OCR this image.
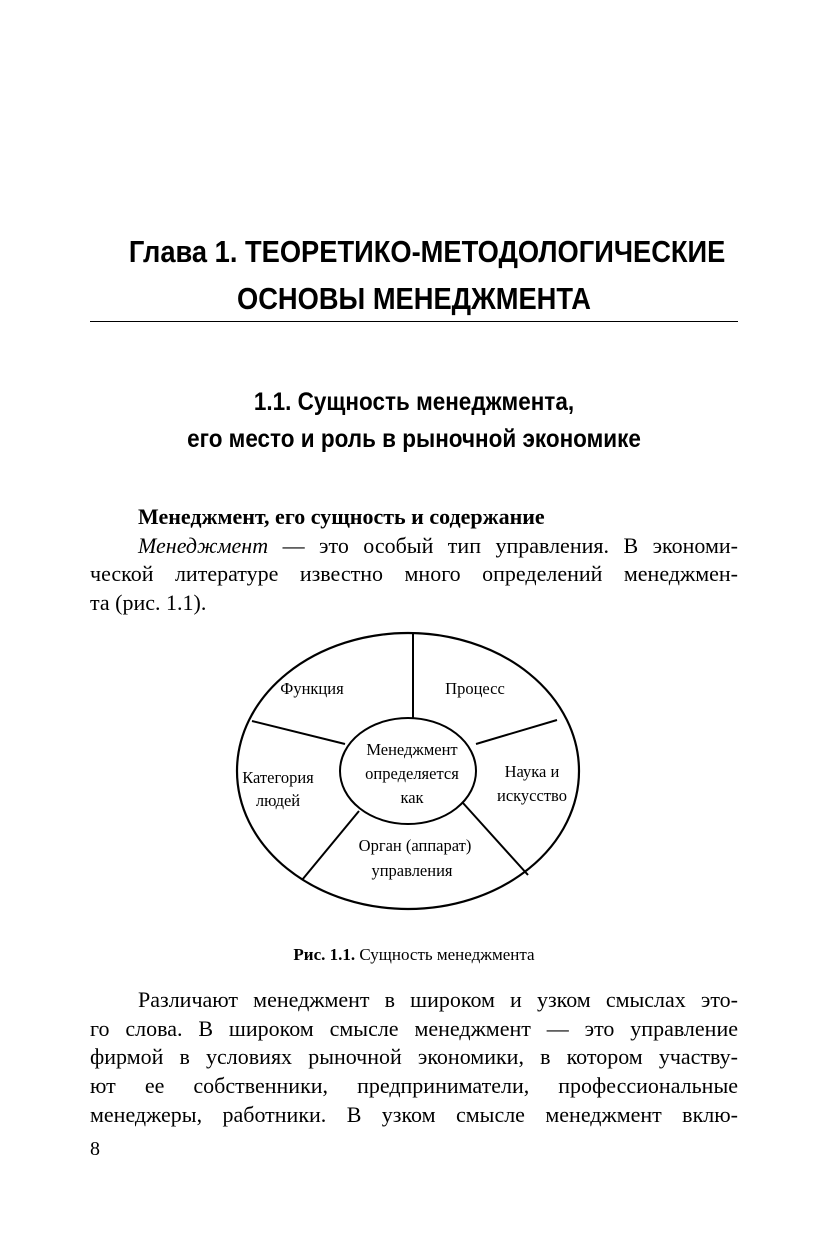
Глава 1. ТЕОРЕТИКО-МЕТОДОЛОГИЧЕСКИЕ
ОСНОВЫ МЕНЕДЖМЕНТА
1.1. Сущность менеджмента,
его место и роль в рыночной экономике
Менеджмент, его сущность и содержание
Менеджмент — это особый тип управления. В экономи-
ческой литературе известно много определений менеджмен-
та (рис. 1.1).
Функция	Процесс
Категория
людей
Наука и
искусство
Орган (аппарат)
управления
Менеджмент
определяется
как

Рис. 1.1. Сущность менеджмента

Различают менеджмент в широком и узком смыслах это-
го слова. В широком смысле менеджмент — это управление
фирмой в условиях рыночной экономики, в котором участву-
ют ее собственники, предприниматели, профессиональные
менеджеры, работники. В узком смысле менеджмент вклю-
8
